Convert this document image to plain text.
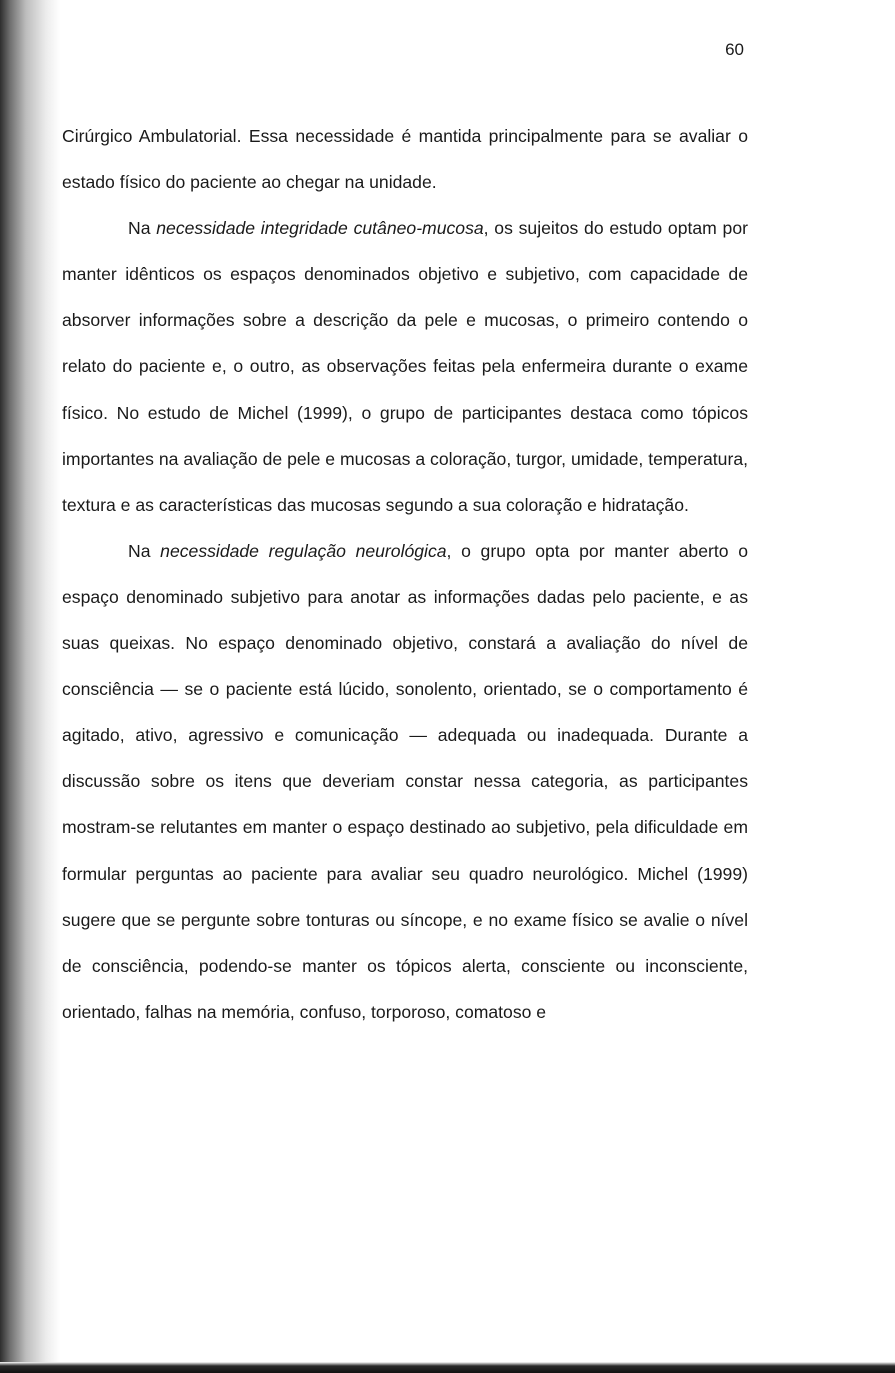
60

Cirúrgico Ambulatorial. Essa necessidade é mantida principalmente para se avaliar o estado físico do paciente ao chegar na unidade.

Na necessidade integridade cutâneo-mucosa, os sujeitos do estudo optam por manter idênticos os espaços denominados objetivo e subjetivo, com capacidade de absorver informações sobre a descrição da pele e mucosas, o primeiro contendo o relato do paciente e, o outro, as observações feitas pela enfermeira durante o exame físico. No estudo de Michel (1999), o grupo de participantes destaca como tópicos importantes na avaliação de pele e mucosas a coloração, turgor, umidade, temperatura, textura e as características das mucosas segundo a sua coloração e hidratação.

Na necessidade regulação neurológica, o grupo opta por manter aberto o espaço denominado subjetivo para anotar as informações dadas pelo paciente, e as suas queixas. No espaço denominado objetivo, constará a avaliação do nível de consciência — se o paciente está lúcido, sonolento, orientado, se o comportamento é agitado, ativo, agressivo e comunicação — adequada ou inadequada. Durante a discussão sobre os itens que deveriam constar nessa categoria, as participantes mostram-se relutantes em manter o espaço destinado ao subjetivo, pela dificuldade em formular perguntas ao paciente para avaliar seu quadro neurológico. Michel (1999) sugere que se pergunte sobre tonturas ou síncope, e no exame físico se avalie o nível de consciência, podendo-se manter os tópicos alerta, consciente ou inconsciente, orientado, falhas na memória, confuso, torporoso, comatoso e
